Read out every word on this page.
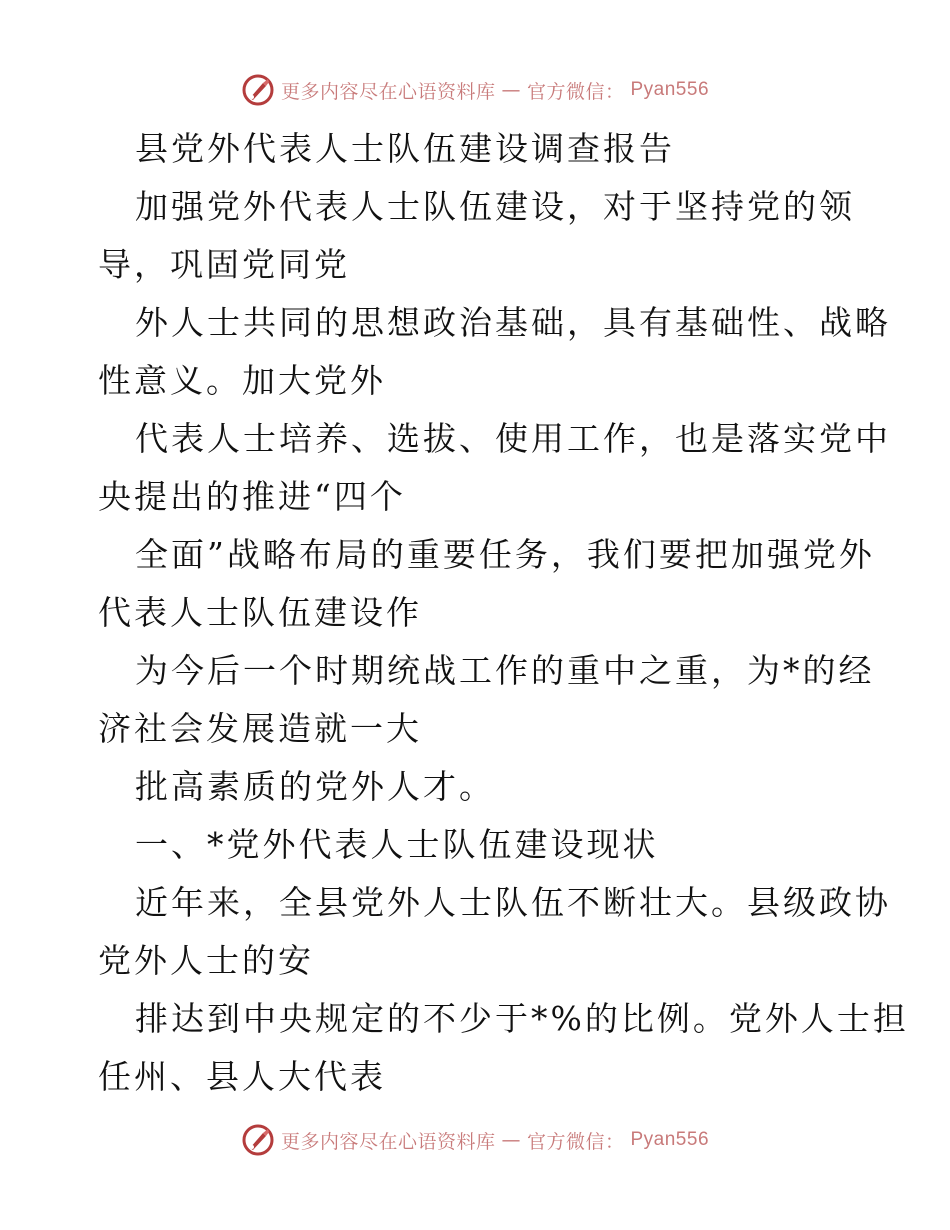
更多内容尽在心语资料库 — 官方微信： Pyan556
县党外代表人士队伍建设调查报告
加强党外代表人士队伍建设，对于坚持党的领
导，巩固党同党
外人士共同的思想政治基础，具有基础性、战略
性意义。加大党外
代表人士培养、选拔、使用工作，也是落实党中
央提出的推进“四个
全面”战略布局的重要任务，我们要把加强党外
代表人士队伍建设作
为今后一个时期统战工作的重中之重，为*的经
济社会发展造就一大
批高素质的党外人才。
一、*党外代表人士队伍建设现状
近年来，全县党外人士队伍不断壮大。县级政协
党外人士的安
排达到中央规定的不少于*%的比例。党外人士担
任州、县人大代表
更多内容尽在心语资料库 — 官方微信： Pyan556
